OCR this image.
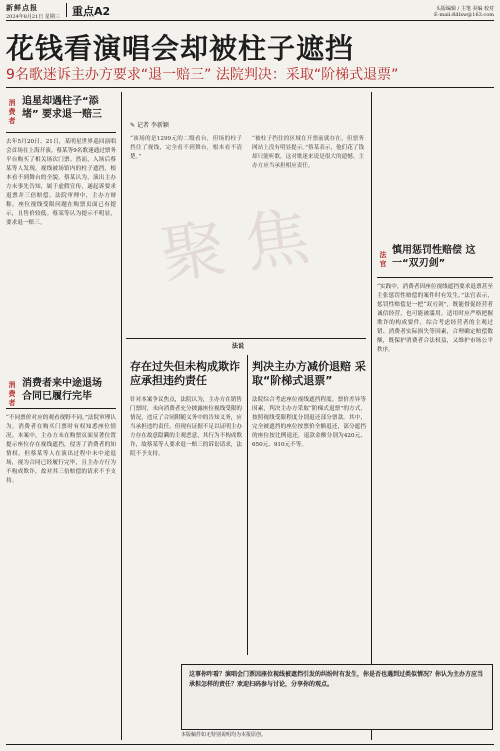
新鲜点报
2024年8月21日 星期三 重点A2	头版编辑 / 主笔 美编 校对
E-mail:fldlxw@163.com
花钱看演唱会却被柱子遮挡
9名歌迷诉主办方要求“退一赔三” 法院判决：采取“阶梯式退票”
消费者
追星却遇柱子“添堵” 要求退一赔三
去年5月20日、21日，某明星世界巡回演唱会首场在上海开演。蔡某等9名歌迷通过票务平台购买了相关场次门票。然而，入场后蔡某等人发现，视线被场馆内的柱子遮挡，根本看不到舞台的全貌。蔡某认为，演出主办方未事先告知，属于虚假宣传，遂起诉要求退票并三倍赔偿。法院审理中，主办方辩称，座位视线受限问题在购票页面已有提示，且售价较低。蔡某等认为提示不明显，要求退一赔三。
消费者
消费者来中途退场 合同已履行完毕
“不同票价对应的观看视野不同。”法院审理认为，消费者在购买门票时有权知悉座位情况。本案中，主办方未在购票页面显著位置提示座位存在视线遮挡，侵害了消费者的知情权。但蔡某等人在演出过程中未中途退场，视为合同已经履行完毕，且主办方行为不构成欺诈，故对其三倍赔偿的请求不予支持。
✎ 记者 李新颖
“该场的是1299元的二级看台，但场的柱子挡住了视线，完全看不到舞台，根本看不清楚。”
“被柱子挡住的区域在开票前就存在，但票务网站上没有明显提示。”蔡某表示，他们花了钱却只能听歌，这对歌迷来说是很大的遗憾。主办方应当承担相应责任。
聚 焦	法官
慎用惩罚性赔偿 这一“双刃剑”
“实践中，消费者因座位视线遮挡要求退票甚至主张惩罚性赔偿的案件时有发生。”法官表示，惩罚性赔偿是一把“双刃剑”，既能督促经营者诚信经营，也可能被滥用。适用时应严格把握欺诈的构成要件，综合考虑经营者的主观过错、消费者实际损失等因素，合理确定赔偿数额，既保护消费者合法权益，又维护市场公平秩序。
法说
存在过失但未构成欺诈 应承担违约责任
针对本案争议焦点，法院认为，主办方在销售门票时，未向消费者充分披露座位视线受限的情况，违反了合同附随义务中的告知义务，应当承担违约责任。但现有证据不足以证明主办方存在故意隐瞒的主观恶意，其行为不构成欺诈，故蔡某等人要求退一赔三的诉讼请求，法院不予支持。
判决主办方减价退赔 采取“阶梯式退票”
法院综合考虑座位视线遮挡程度、票价差异等因素，判决主办方采取“阶梯式退票”的方式，按照视线受限程度分别退还部分票款。其中，完全被遮挡的座位按票价全额退还，部分遮挡的座位按比例退还，退款金额分别为420元、650元、910元不等。
这事你咋看？演唱会门票因座位视线被遮挡引发的纠纷时有发生，你是否也遇到过类似情况？你认为主办方应当承担怎样的责任？欢迎扫码参与讨论，分享你的观点。
本版稿件如无特别说明均为本报原创。
